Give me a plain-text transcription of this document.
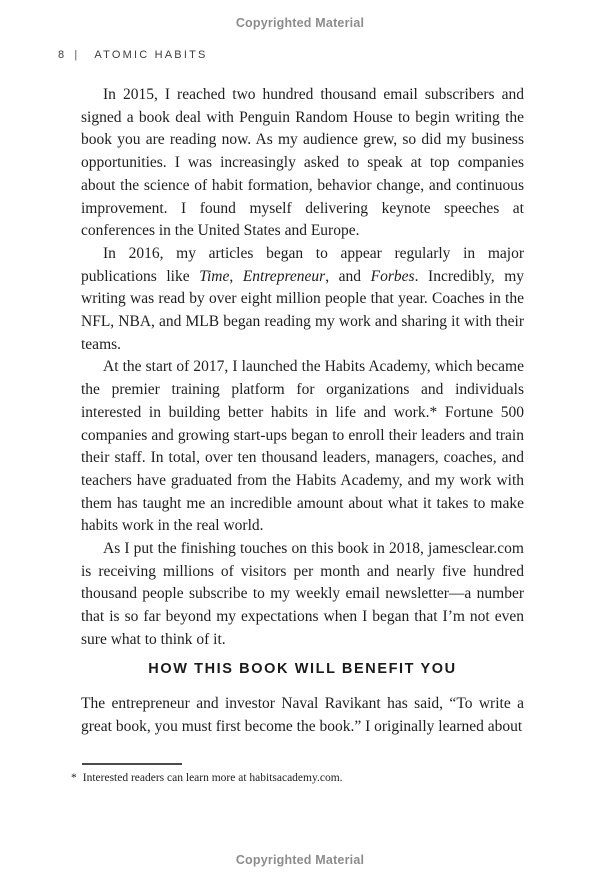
Copyrighted Material
8 | ATOMIC HABITS

In 2015, I reached two hundred thousand email subscribers and signed a book deal with Penguin Random House to begin writing the book you are reading now. As my audience grew, so did my business opportunities. I was increasingly asked to speak at top companies about the science of habit formation, behavior change, and continuous improvement. I found myself delivering keynote speeches at conferences in the United States and Europe.

In 2016, my articles began to appear regularly in major publications like Time, Entrepreneur, and Forbes. Incredibly, my writing was read by over eight million people that year. Coaches in the NFL, NBA, and MLB began reading my work and sharing it with their teams.

At the start of 2017, I launched the Habits Academy, which became the premier training platform for organizations and individuals interested in building better habits in life and work.* Fortune 500 companies and growing start-ups began to enroll their leaders and train their staff. In total, over ten thousand leaders, managers, coaches, and teachers have graduated from the Habits Academy, and my work with them has taught me an incredible amount about what it takes to make habits work in the real world.

As I put the finishing touches on this book in 2018, jamesclear.com is receiving millions of visitors per month and nearly five hundred thousand people subscribe to my weekly email newsletter—a number that is so far beyond my expectations when I began that I’m not even sure what to think of it.

HOW THIS BOOK WILL BENEFIT YOU

The entrepreneur and investor Naval Ravikant has said, “To write a great book, you must first become the book.” I originally learned about

* Interested readers can learn more at habitsacademy.com.
Copyrighted Material
